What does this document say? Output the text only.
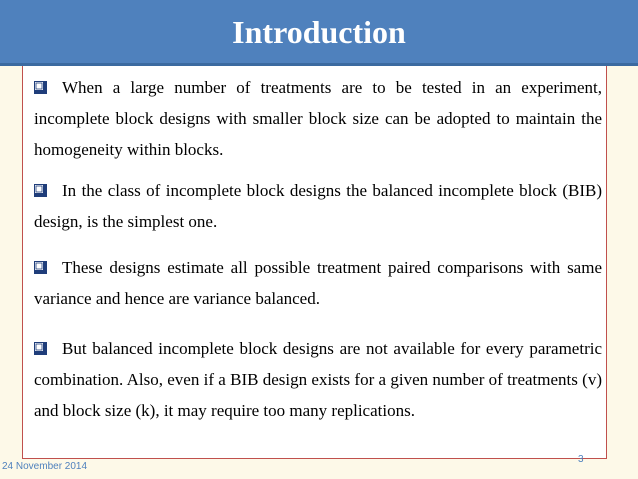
Introduction
When a large number of treatments are to be tested in an experiment, incomplete block designs with smaller block size can be adopted to maintain the homogeneity within blocks.
In the class of incomplete block designs the balanced incomplete block (BIB) design, is the simplest one.
These designs estimate all possible treatment paired comparisons with same variance and hence are variance balanced.
But balanced incomplete block designs are not available for every parametric combination. Also, even if a BIB design exists for a given number of treatments (v) and block size (k), it may require too many replications.
24 November 2014
3
